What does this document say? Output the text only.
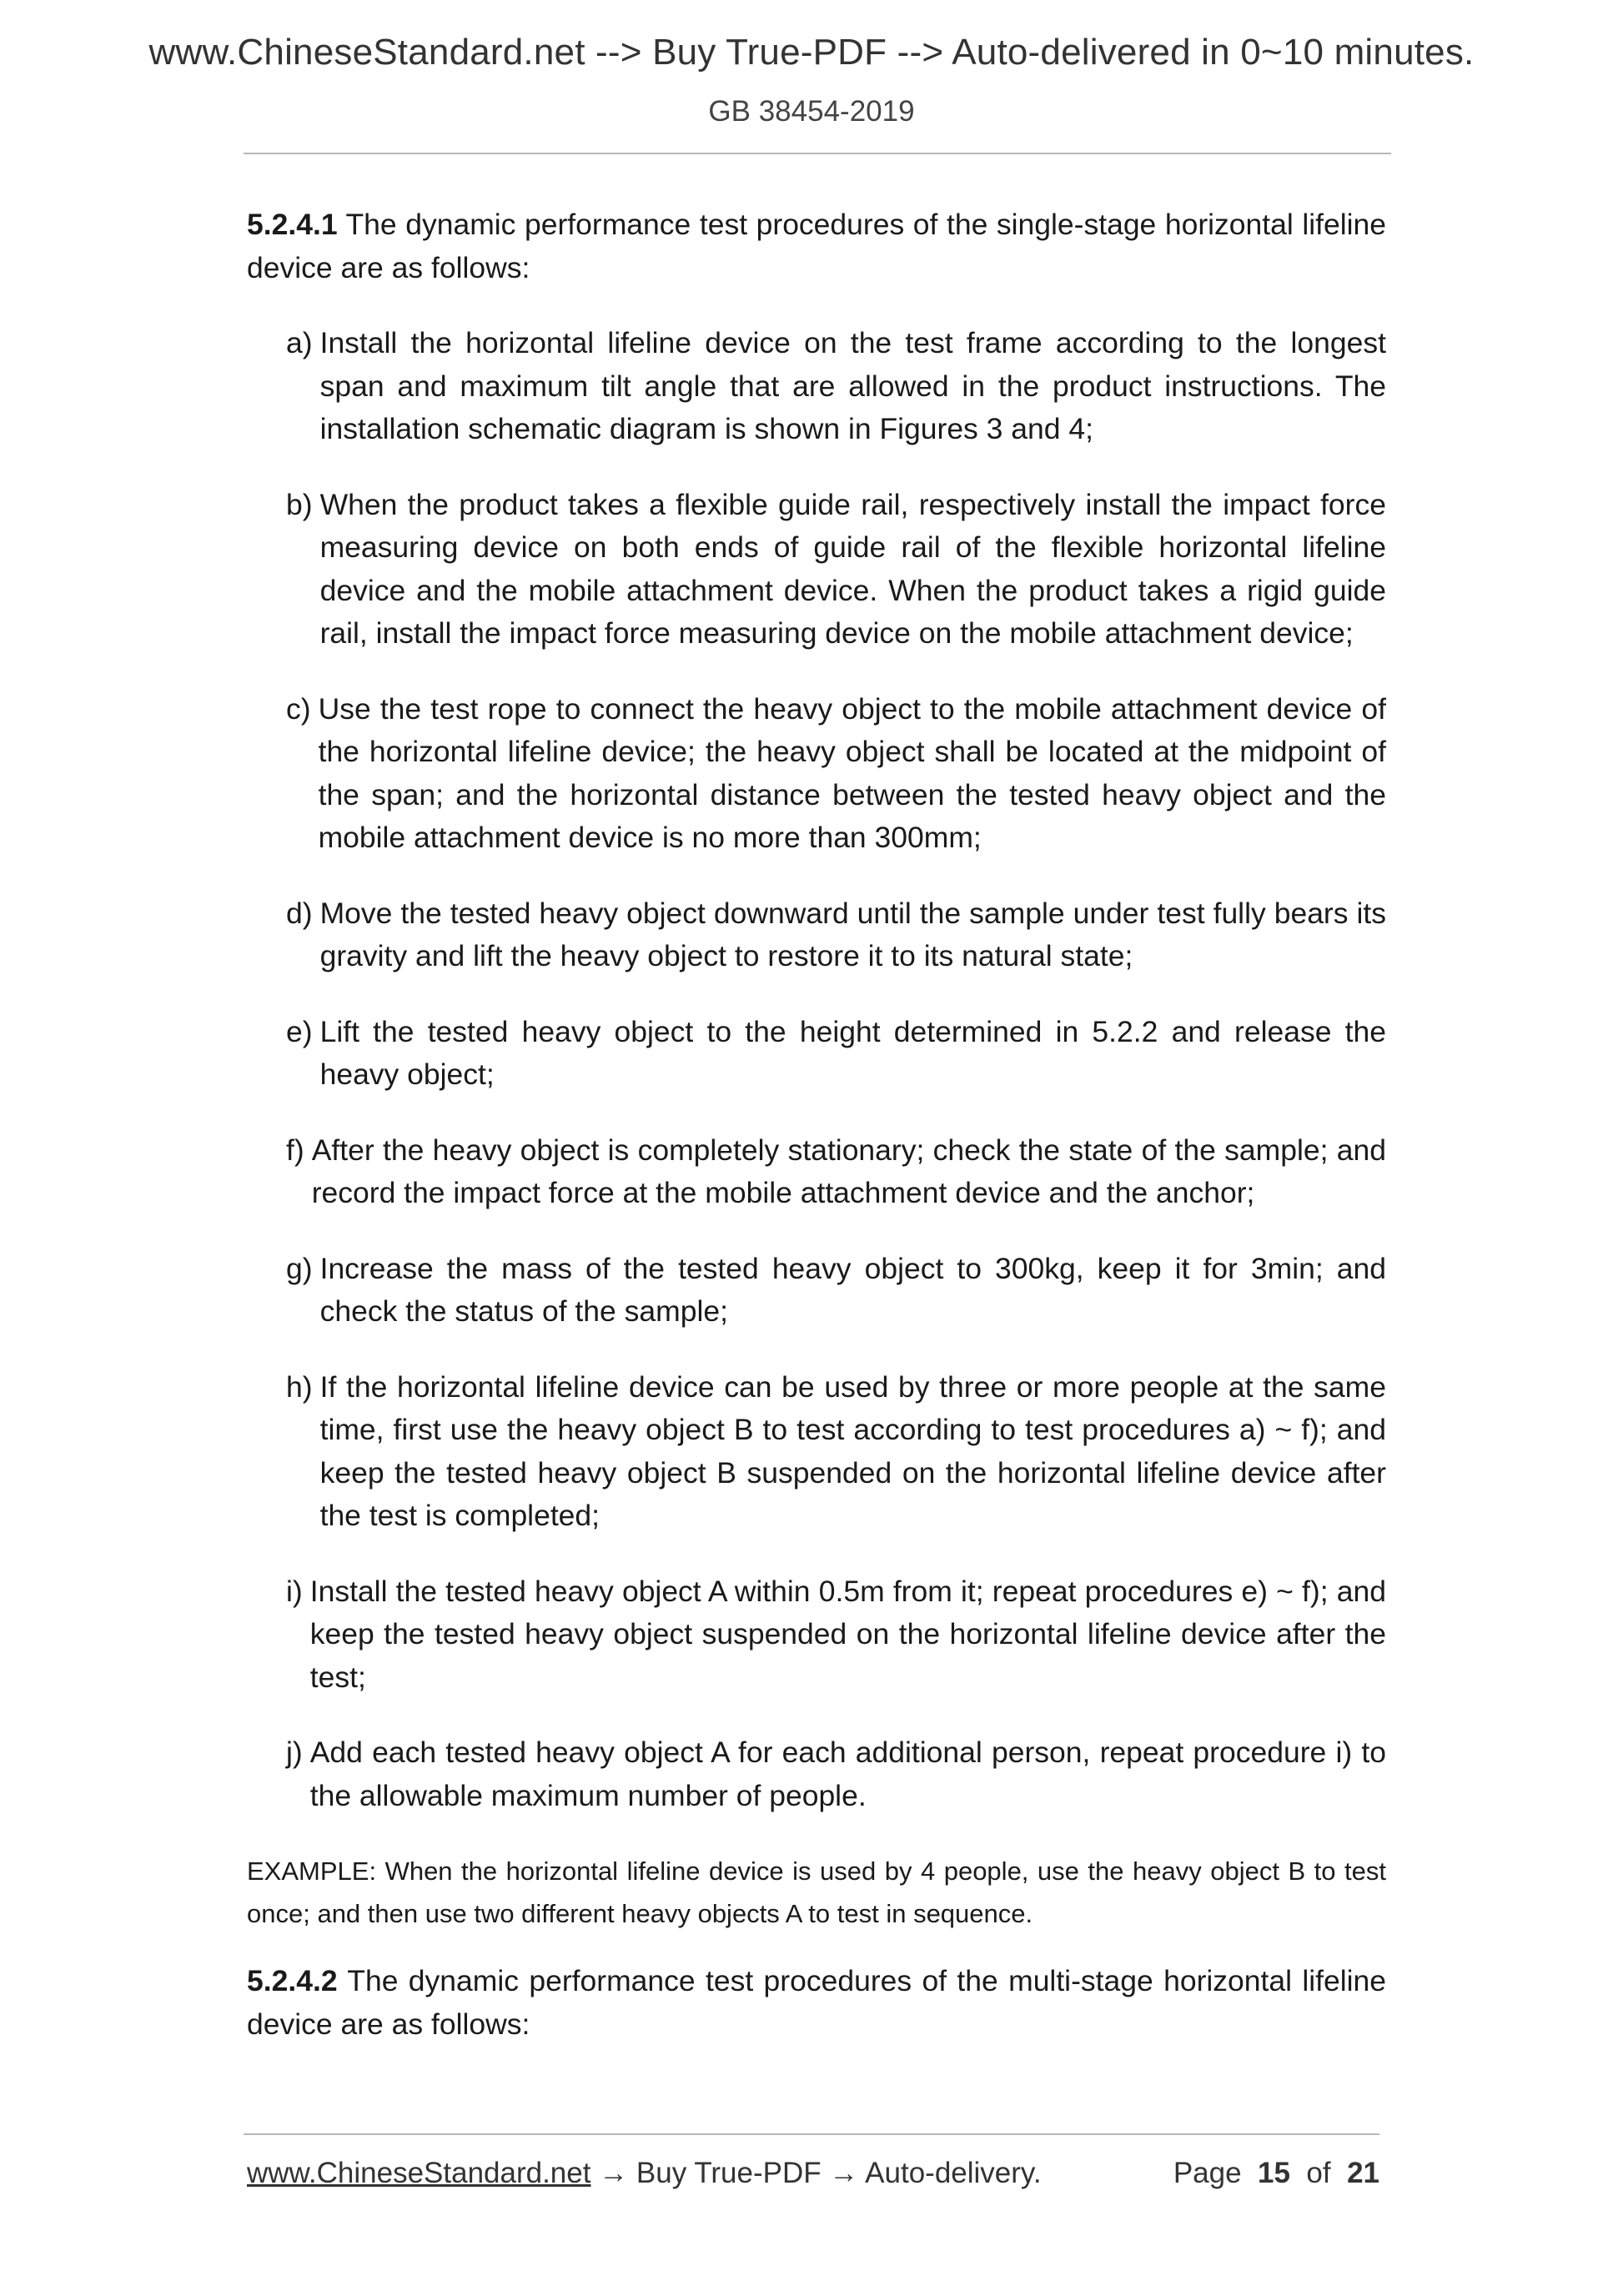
www.ChineseStandard.net --> Buy True-PDF --> Auto-delivered in 0~10 minutes.
GB 38454-2019

5.2.4.1 The dynamic performance test procedures of the single-stage horizontal lifeline device are as follows:

a) Install the horizontal lifeline device on the test frame according to the longest span and maximum tilt angle that are allowed in the product instructions. The installation schematic diagram is shown in Figures 3 and 4;
b) When the product takes a flexible guide rail, respectively install the impact force measuring device on both ends of guide rail of the flexible horizontal lifeline device and the mobile attachment device. When the product takes a rigid guide rail, install the impact force measuring device on the mobile attachment device;
c) Use the test rope to connect the heavy object to the mobile attachment device of the horizontal lifeline device; the heavy object shall be located at the midpoint of the span; and the horizontal distance between the tested heavy object and the mobile attachment device is no more than 300mm;
d) Move the tested heavy object downward until the sample under test fully bears its gravity and lift the heavy object to restore it to its natural state;
e) Lift the tested heavy object to the height determined in 5.2.2 and release the heavy object;
f) After the heavy object is completely stationary; check the state of the sample; and record the impact force at the mobile attachment device and the anchor;
g) Increase the mass of the tested heavy object to 300kg, keep it for 3min; and check the status of the sample;
h) If the horizontal lifeline device can be used by three or more people at the same time, first use the heavy object B to test according to test procedures a) ~ f); and keep the tested heavy object B suspended on the horizontal lifeline device after the test is completed;
i) Install the tested heavy object A within 0.5m from it; repeat procedures e) ~ f); and keep the tested heavy object suspended on the horizontal lifeline device after the test;
j) Add each tested heavy object A for each additional person, repeat procedure i) to the allowable maximum number of people.

EXAMPLE: When the horizontal lifeline device is used by 4 people, use the heavy object B to test once; and then use two different heavy objects A to test in sequence.

5.2.4.2 The dynamic performance test procedures of the multi-stage horizontal lifeline device are as follows:

www.ChineseStandard.net → Buy True-PDF → Auto-delivery.	Page 15 of 21
